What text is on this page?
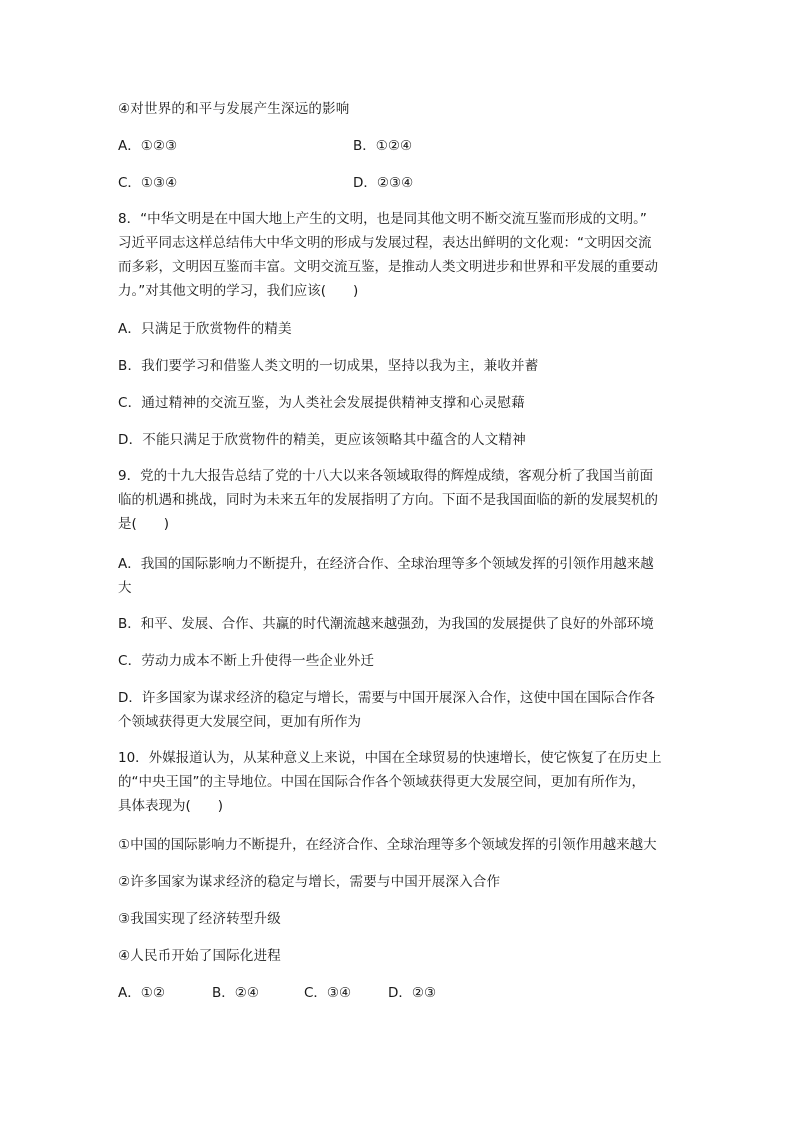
④对世界的和平与发展产生深远的影响
A．①②③	B．①②④
C．①③④	D．②③④
8．“中华文明是在中国大地上产生的文明，也是同其他文明不断交流互鉴而形成的文明。”
习近平同志这样总结伟大中华文明的形成与发展过程，表达出鲜明的文化观：“文明因交流
而多彩，文明因互鉴而丰富。文明交流互鉴，是推动人类文明进步和世界和平发展的重要动
力。”对其他文明的学习，我们应该(　　)
A．只满足于欣赏物件的精美
B．我们要学习和借鉴人类文明的一切成果，坚持以我为主，兼收并蓄
C．通过精神的交流互鉴，为人类社会发展提供精神支撑和心灵慰藉
D．不能只满足于欣赏物件的精美，更应该领略其中蕴含的人文精神
9．党的十九大报告总结了党的十八大以来各领域取得的辉煌成绩，客观分析了我国当前面
临的机遇和挑战，同时为未来五年的发展指明了方向。下面不是我国面临的新的发展契机的
是(　　)
A．我国的国际影响力不断提升，在经济合作、全球治理等多个领域发挥的引领作用越来越
大
B．和平、发展、合作、共赢的时代潮流越来越强劲，为我国的发展提供了良好的外部环境
C．劳动力成本不断上升使得一些企业外迁
D．许多国家为谋求经济的稳定与增长，需要与中国开展深入合作，这使中国在国际合作各
个领域获得更大发展空间，更加有所作为
10．外媒报道认为，从某种意义上来说，中国在全球贸易的快速增长，使它恢复了在历史上
的“中央王国”的主导地位。中国在国际合作各个领域获得更大发展空间，更加有所作为，
具体表现为(　　)
①中国的国际影响力不断提升，在经济合作、全球治理等多个领域发挥的引领作用越来越大
②许多国家为谋求经济的稳定与增长，需要与中国开展深入合作
③我国实现了经济转型升级
④人民币开始了国际化进程
A．①②	B．②④	C．③④	D．②③
